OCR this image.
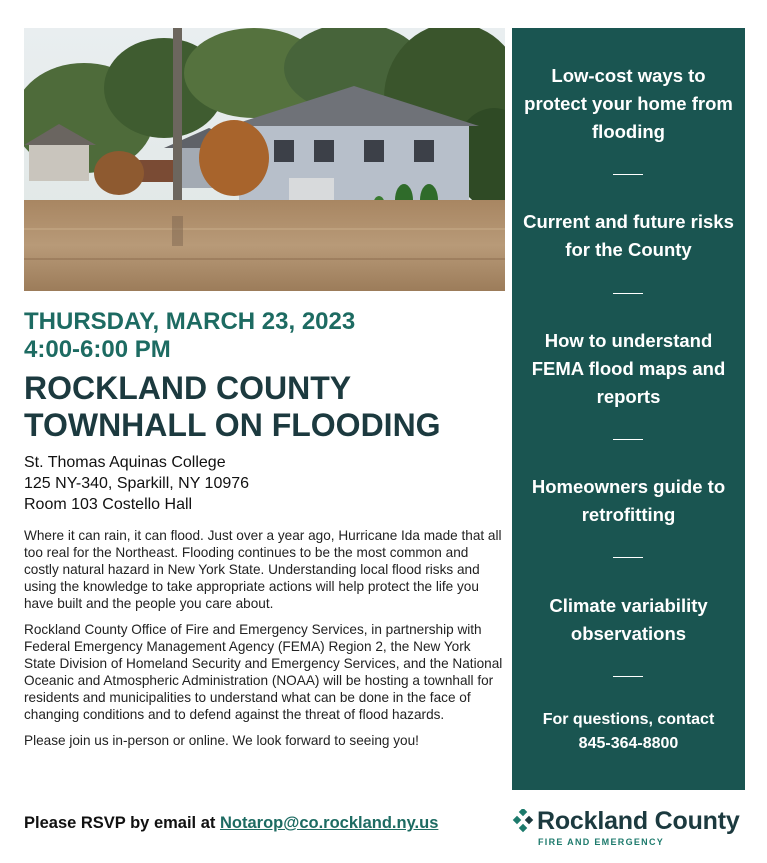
THURSDAY, MARCH 23, 2023
4:00-6:00 PM
ROCKLAND COUNTY
TOWNHALL ON FLOODING
St. Thomas Aquinas College
125 NY-340, Sparkill, NY 10976
Room 103 Costello Hall

Where it can rain, it can flood. Just over a year ago, Hurricane Ida made that all too real for the Northeast. Flooding continues to be the most common and costly natural hazard in New York State. Understanding local flood risks and using the knowledge to take appropriate actions will help protect the life you have built and the people you care about.

Rockland County Office of Fire and Emergency Services, in partnership with Federal Emergency Management Agency (FEMA) Region 2, the New York State Division of Homeland Security and Emergency Services, and the National Oceanic and Atmospheric Administration (NOAA) will be hosting a townhall for residents and municipalities to understand what can be done in the face of changing conditions and to defend against the threat of flood hazards.

Please join us in-person or online. We look forward to seeing you!

Please RSVP by email at Notarop@co.rockland.ny.us
Low-cost ways to protect your home from flooding
Current and future risks for the County
How to understand FEMA flood maps and reports
Homeowners guide to retrofitting
Climate variability observations
For questions, contact
845-364-8800
Rockland County
FIRE AND EMERGENCY
